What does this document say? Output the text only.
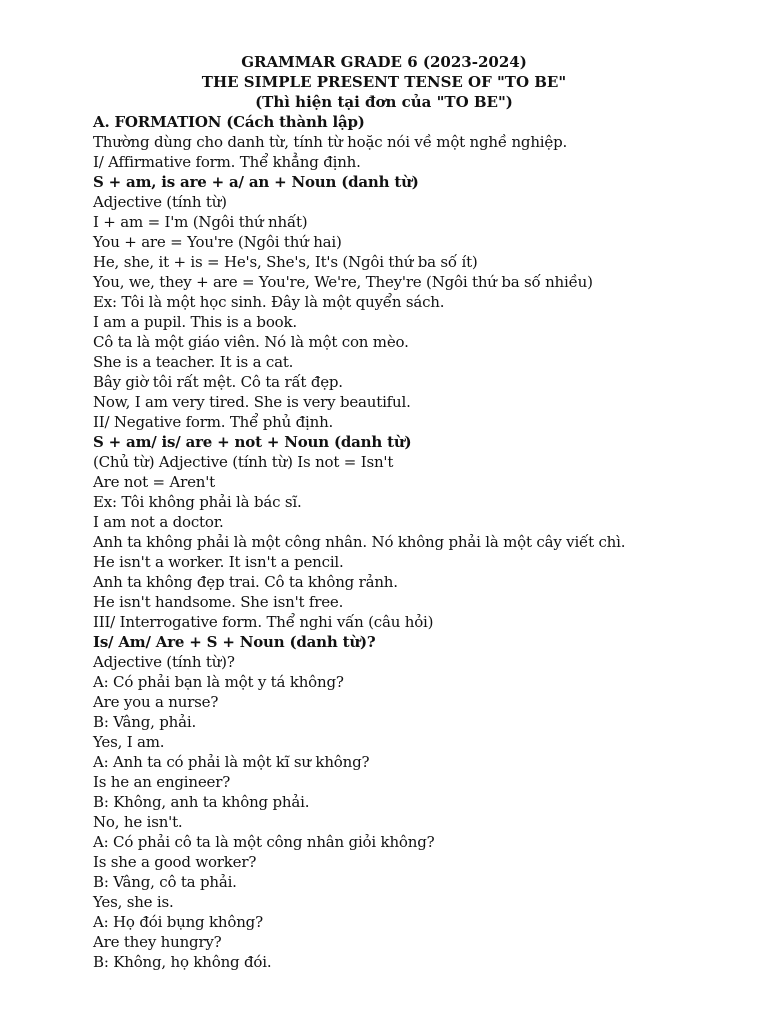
GRAMMAR GRADE 6 (2023-2024)
THE SIMPLE PRESENT TENSE OF "TO BE"
(Thì hiện tại đơn của "TO BE")
A. FORMATION (Cách thành lập)
Thường dùng cho danh từ, tính từ hoặc nói về một nghề nghiệp.
I/ Affirmative form. Thể khẳng định.
S + am, is are + a/ an + Noun (danh từ)
Adjective (tính từ)
I + am = I'm (Ngôi thứ nhất)
You + are = You're (Ngôi thứ hai)
He, she, it + is = He's, She's, It's (Ngôi thứ ba số ít)
You, we, they + are = You're, We're, They're (Ngôi thứ ba số nhiều)
Ex: Tôi là một học sinh. Đây là một quyển sách.
I am a pupil. This is a book.
Cô ta là một giáo viên. Nó là một con mèo.
She is a teacher. It is a cat.
Bây giờ tôi rất mệt. Cô ta rất đẹp.
Now, I am very tired. She is very beautiful.
II/ Negative form. Thể phủ định.
S + am/ is/ are + not + Noun (danh từ)
(Chủ từ) Adjective (tính từ) Is not = Isn't
Are not = Aren't
Ex: Tôi không phải là bác sĩ.
I am not a doctor.
Anh ta không phải là một công nhân. Nó không phải là một cây viết chì.
He isn't a worker. It isn't a pencil.
Anh ta không đẹp trai. Cô ta không rảnh.
He isn't handsome. She isn't free.
III/ Interrogative form. Thể nghi vấn (câu hỏi)
Is/ Am/ Are + S + Noun (danh từ)?
Adjective (tính từ)?
A: Có phải bạn là một y tá không?
Are you a nurse?
B: Vâng, phải.
Yes, I am.
A: Anh ta có phải là một kĩ sư không?
Is he an engineer?
B: Không, anh ta không phải.
No, he isn't.
A: Có phải cô ta là một công nhân giỏi không?
Is she a good worker?
B: Vâng, cô ta phải.
Yes, she is.
A: Họ đói bụng không?
Are they hungry?
B: Không, họ không đói.
